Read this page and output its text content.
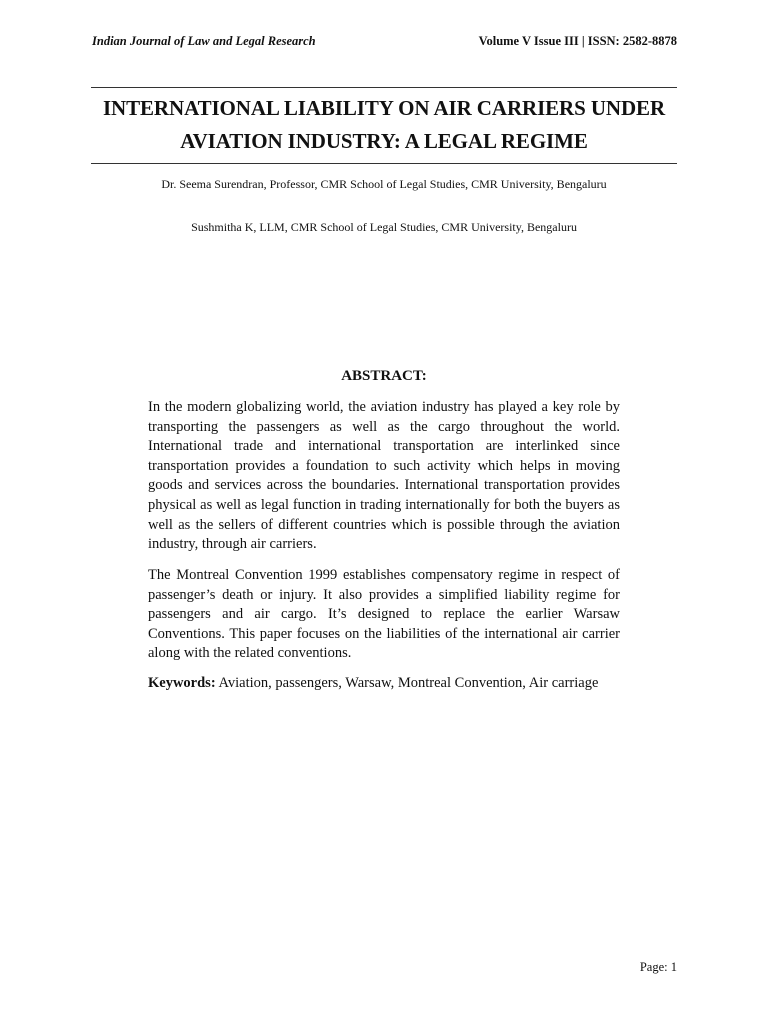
Indian Journal of Law and Legal Research	Volume V Issue III | ISSN: 2582-8878
INTERNATIONAL LIABILITY ON AIR CARRIERS UNDER AVIATION INDUSTRY: A LEGAL REGIME
Dr. Seema Surendran, Professor, CMR School of Legal Studies, CMR University, Bengaluru
Sushmitha K, LLM, CMR School of Legal Studies, CMR University, Bengaluru
ABSTRACT:

In the modern globalizing world, the aviation industry has played a key role by transporting the passengers as well as the cargo throughout the world. International trade and international transportation are interlinked since transportation provides a foundation to such activity which helps in moving goods and services across the boundaries. International transportation provides physical as well as legal function in trading internationally for both the buyers as well as the sellers of different countries which is possible through the aviation industry, through air carriers.

The Montreal Convention 1999 establishes compensatory regime in respect of passenger’s death or injury. It also provides a simplified liability regime for passengers and air cargo. It’s designed to replace the earlier Warsaw Conventions. This paper focuses on the liabilities of the international air carrier along with the related conventions.

Keywords: Aviation, passengers, Warsaw, Montreal Convention, Air carriage

Page: 1
